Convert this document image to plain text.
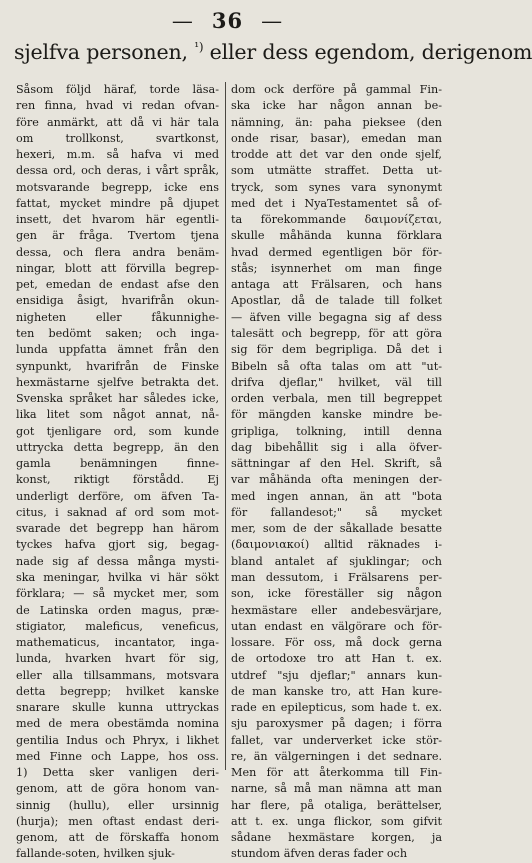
— 36 —
sjelfva personen, $^{^1)}$ eller dess egendom, derigenom
Såsom följd häraf, torde läsa-
ren finna, hvad vi redan ofvan-
före anmärkt, att då vi här tala
om trollkonst, svartkonst,
hexeri, m.m. så hafva vi med
dessa ord, och deras, i vårt språk,
motsvarande begrepp, icke ens
fattat, mycket mindre på djupet
insett, det hvarom här egentli-
gen är fråga. Tvertom tjena
dessa, och flera andra benäm-
ningar, blott att förvilla begrep-
pet, emedan de endast afse den
ensidiga åsigt, hvarifrån okun-
nigheten eller fåkunnighe-
ten bedömt saken; och inga-
lunda uppfatta ämnet från den
synpunkt, hvarifrån de Finske
hexmästarne sjelfve betrakta det.
Svenska språket har således icke,
lika litet som något annat, nå-
got tjenligare ord, som kunde
uttrycka detta begrepp, än den
gamla benämningen finne-
konst, riktigt förstådd. Ej
underligt derföre, om äfven Ta-
citus, i saknad af ord som mot-
svarade det begrepp han härom
tyckes hafva gjort sig, begag-
nade sig af dessa många mysti-
ska meningar, hvilka vi här sökt
förklara; — så mycket mer, som
de Latinska orden magus, præ-
stigiator, maleficus, veneficus,
mathematicus, incantator, inga-
lunda, hvarken hvart för sig,
eller alla tillsammans, motsvara
detta begrepp; hvilket kanske
snarare skulle kunna uttryckas
med de mera obestämda nomina
gentilia Indus och Phryx, i likhet
med Finne och Lappe, hos oss.
1) Detta sker vanligen deri-
genom, att de göra honom van-
sinnig (hullu), eller ursinnig
(hurja); men oftast endast deri-
genom, att de förskaffa honom
fallande-soten, hvilken sjuk-
dom ock derföre på gammal Fin-
ska icke har någon annan be-
nämning, än: paha pieksee (den
onde risar, basar), emedan man
trodde att det var den onde sjelf,
som utmätte straffet. Detta ut-
tryck, som synes vara synonymt
med det i NyaTestamentet så of-
ta förekommande δαιμονίζεται,
skulle måhända kunna förklara
hvad dermed egentligen bör för-
stås; isynnerhet om man finge
antaga att Frälsaren, och hans
Apostlar, då de talade till folket
— äfven ville begagna sig af dess
talesätt och begrepp, för att göra
sig för dem begripliga. Då det i
Bibeln så ofta talas om att "ut-
drifva djeflar," hvilket, väl till
orden verbala, men till begreppet
för mängden kanske mindre be-
gripliga, tolkning, intill denna
dag bibehållit sig i alla öfver-
sättningar af den Hel. Skrift, så
var måhända ofta meningen der-
med ingen annan, än att "bota
för fallandesot;" så mycket
mer, som de der såkallade besatte
(δαιμονιακοί) alltid räknades i-
bland antalet af sjuklingar; och
man dessutom, i Frälsarens per-
son, icke föreställer sig någon
hexmästare eller andebesvärjare,
utan endast en välgörare och för-
lossare. För oss, må dock gerna
de ortodoxe tro att Han t. ex.
utdref "sju djeflar;" annars kun-
de man kanske tro, att Han kure-
rade en epilepticus, som hade t. ex.
sju paroxysmer på dagen; i förra
fallet, var underverket icke stör-
re, än välgerningen i det sednare.
Men för att återkomma till Fin-
narne, så må man nämna att man
har flere, på otaliga, berättelser,
att t. ex. unga flickor, som gifvit
sådane hexmästare korgen, ja
stundom äfven deras fader och
